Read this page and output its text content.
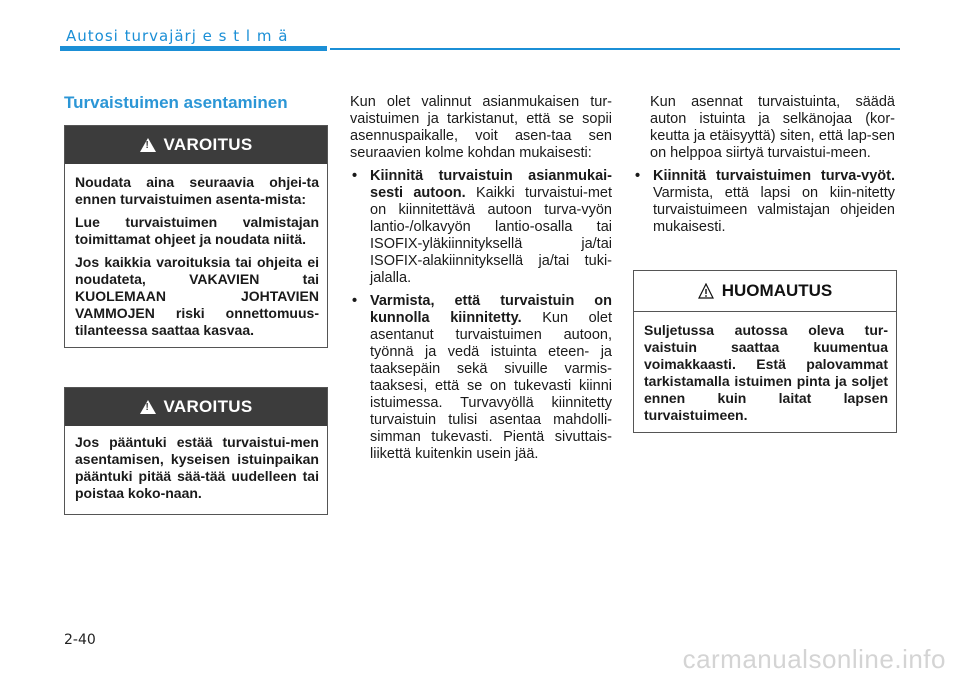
Autosi turvajärj e s t l m ä
Turvaistuimen asentaminen
!
VAROITUS

Noudata aina seuraavia ohjei-ta ennen turvaistuimen asenta-mista:

Lue turvaistuimen valmistajan toimittamat ohjeet ja noudata niitä.

Jos kaikkia varoituksia tai ohjeita ei noudateta, VAKAVIEN tai KUOLEMAAN JOHTAVIEN VAMMOJEN riski onnettomuus-tilanteessa saattaa kasvaa.

!
VAROITUS

Jos pääntuki estää turvaistui-men asentamisen, kyseisen istuinpaikan pääntuki pitää sää-tää uudelleen tai poistaa koko-naan.

Kun olet valinnut asianmukaisen tur-vaistuimen ja tarkistanut, että se sopii asennuspaikalle, voit asen-taa sen seuraavien kolme kohdan mukaisesti:

• Kiinnitä turvaistuin asianmukai-sesti autoon. Kaikki turvaistui-met on kiinnitettävä autoon turva-vyön lantio-/olkavyön lantio-osalla tai ISOFIX-yläkiinnityksellä ja/tai ISOFIX-alakiinnityksellä ja/tai tuki-jalalla.
• Varmista, että turvaistuin on kunnolla kiinnitetty. Kun olet asentanut turvaistuimen autoon, työnnä ja vedä istuinta eteen- ja taaksepäin sekä sivuille varmis-taaksesi, että se on tukevasti kiinni istuimessa. Turvavyöllä kiinnitetty turvaistuin tulisi asentaa mahdolli-simman tukevasti. Pientä sivuttais-liikettä kuitenkin usein jää.

Kun asennat turvaistuinta, säädä auton istuinta ja selkänojaa (kor-keutta ja etäisyyttä) siten, että lap-sen on helppoa siirtyä turvaistui-meen.

• Kiinnitä turvaistuimen turva-vyöt. Varmista, että lapsi on kiin-nitetty turvaistuimeen valmistajan ohjeiden mukaisesti.
HUOMAUTUS

Suljetussa autossa oleva tur-vaistuin saattaa kuumentua voimakkaasti. Estä palovammat tarkistamalla istuimen pinta ja soljet ennen kuin laitat lapsen turvaistuimeen.

2-40
carmanualsonline.info
